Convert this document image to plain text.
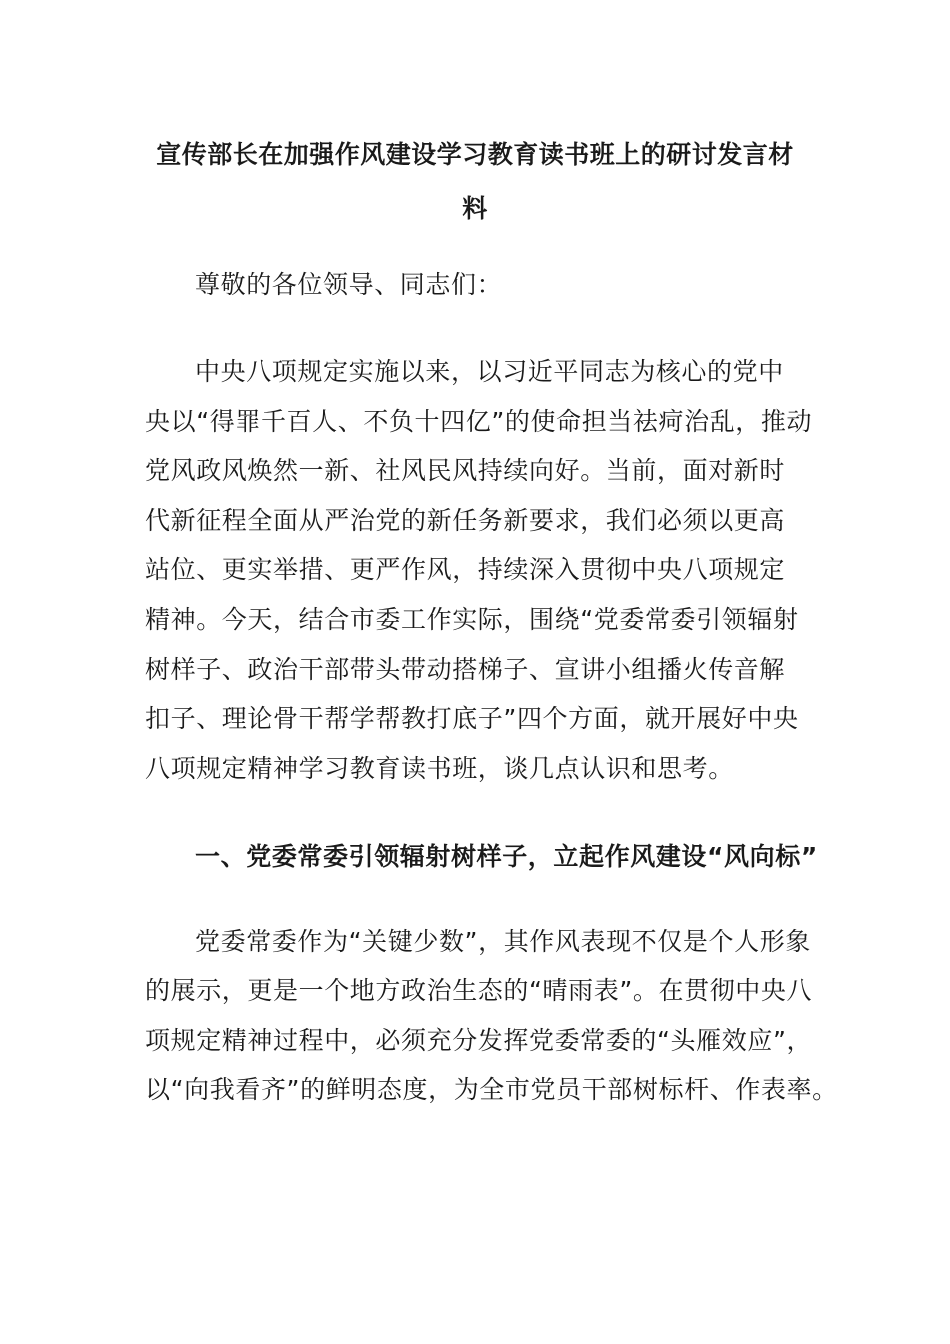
宣传部长在加强作风建设学习教育读书班上的研讨发言材
料
尊敬的各位领导、同志们：
中央八项规定实施以来，以习近平同志为核心的党中
央以“得罪千百人、不负十四亿”的使命担当祛疴治乱，推动
党风政风焕然一新、社风民风持续向好。当前，面对新时
代新征程全面从严治党的新任务新要求，我们必须以更高
站位、更实举措、更严作风，持续深入贯彻中央八项规定
精神。今天，结合市委工作实际，围绕“党委常委引领辐射
树样子、政治干部带头带动搭梯子、宣讲小组播火传音解
扣子、理论骨干帮学帮教打底子”四个方面，就开展好中央
八项规定精神学习教育读书班，谈几点认识和思考。
一、党委常委引领辐射树样子，立起作风建设“风向标”
党委常委作为“关键少数”，其作风表现不仅是个人形象
的展示，更是一个地方政治生态的“晴雨表”。在贯彻中央八
项规定精神过程中，必须充分发挥党委常委的“头雁效应”，
以“向我看齐”的鲜明态度，为全市党员干部树标杆、作表率。
